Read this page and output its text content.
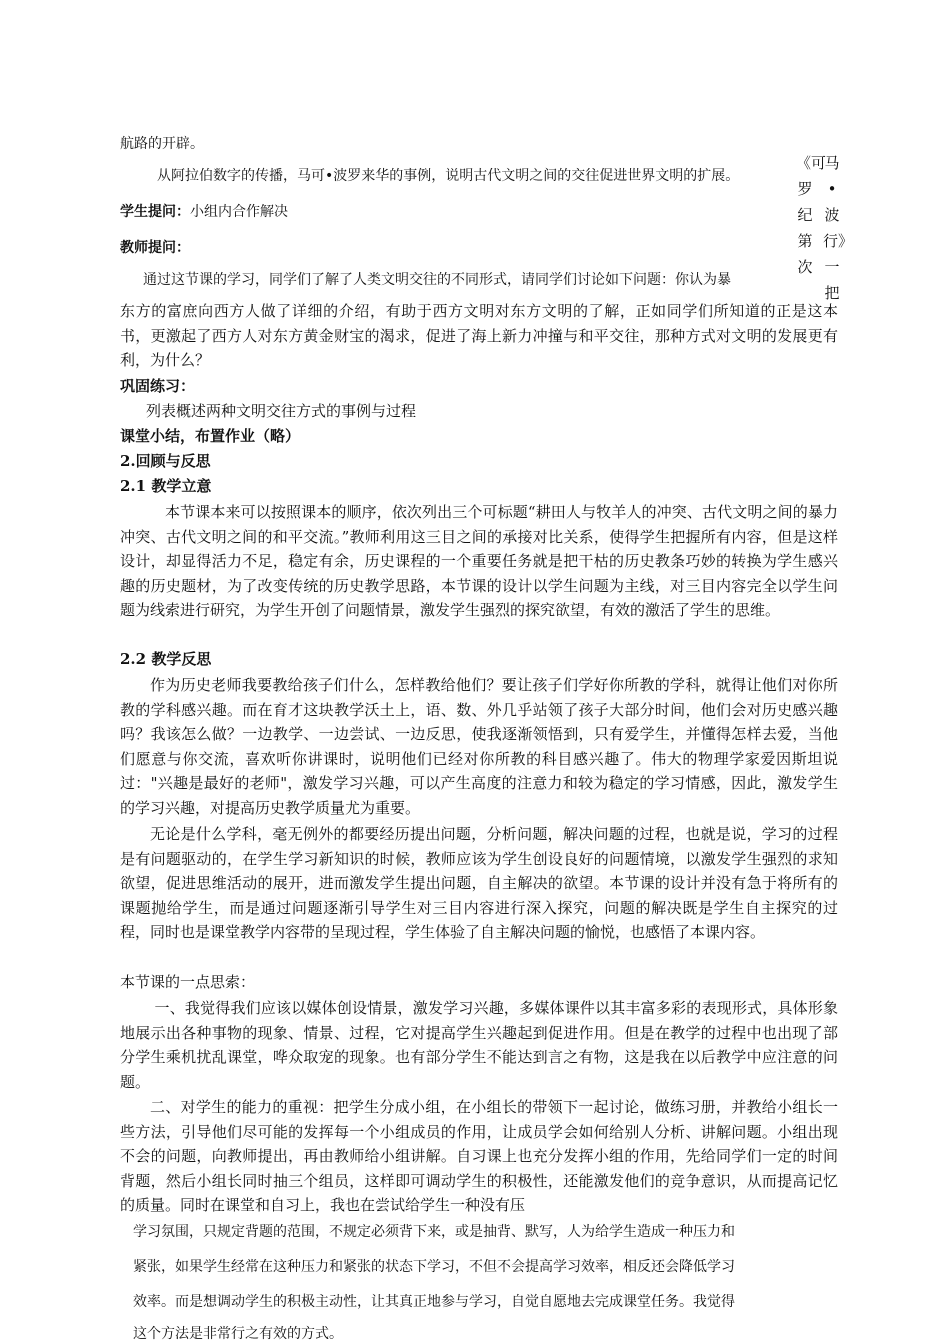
航路的开辟。

从阿拉伯数字的传播，马可•波罗来华的事例，说明古代文明之间的交往促进世界文明的扩展。

学生提问：小组内合作解决

教师提问：

通过这节课的学习，同学们了解了人类文明交往的不同形式，请同学们讨论如下问题：你认为暴

《可罗纪第次
马•波行》一把

东方的富庶向西方人做了详细的介绍，有助于西方文明对东方文明的了解，正如同学们所知道的正是这本书，更激起了西方人对东方黄金财宝的渴求，促进了海上新力冲撞与和平交往，那种方式对文明的发展更有利，为什么？

巩固练习：

列表概述两种文明交往方式的事例与过程

课堂小结，布置作业（略）

2.回顾与反思

2.1 教学立意

本节课本来可以按照课本的顺序，依次列出三个可标题“耕田人与牧羊人的冲突、古代文明之间的暴力冲突、古代文明之间的和平交流。”教师利用这三目之间的承接对比关系，使得学生把握所有内容，但是这样设计，却显得活力不足，稳定有余，历史课程的一个重要任务就是把干枯的历史教条巧妙的转换为学生感兴趣的历史题材，为了改变传统的历史教学思路，本节课的设计以学生问题为主线，对三目内容完全以学生问题为线索进行研究，为学生开创了问题情景，激发学生强烈的探究欲望，有效的激活了学生的思维。

2.2 教学反思

作为历史老师我要教给孩子们什么，怎样教给他们？要让孩子们学好你所教的学科，就得让他们对你所教的学科感兴趣。而在育才这块教学沃土上，语、数、外几乎站领了孩子大部分时间，他们会对历史感兴趣吗？我该怎么做？一边教学、一边尝试、一边反思，使我逐渐领悟到，只有爱学生，并懂得怎样去爱，当他们愿意与你交流，喜欢听你讲课时，说明他们已经对你所教的科目感兴趣了。伟大的物理学家爱因斯坦说过："兴趣是最好的老师"，激发学习兴趣，可以产生高度的注意力和较为稳定的学习情感，因此，激发学生的学习兴趣，对提高历史教学质量尤为重要。

无论是什么学科，毫无例外的都要经历提出问题，分析问题，解决问题的过程，也就是说，学习的过程是有问题驱动的，在学生学习新知识的时候，教师应该为学生创设良好的问题情境，以激发学生强烈的求知欲望，促进思维活动的展开，进而激发学生提出问题，自主解决的欲望。本节课的设计并没有急于将所有的课题抛给学生，而是通过问题逐渐引导学生对三目内容进行深入探究，问题的解决既是学生自主探究的过程，同时也是课堂教学内容带的呈现过程，学生体验了自主解决问题的愉悦，也感悟了本课内容。

本节课的一点思索：

一、我觉得我们应该以媒体创设情景，激发学习兴趣，多媒体课件以其丰富多彩的表现形式，具体形象地展示出各种事物的现象、情景、过程，它对提高学生兴趣起到促进作用。但是在教学的过程中也出现了部分学生乘机扰乱课堂，哗众取宠的现象。也有部分学生不能达到言之有物，这是我在以后教学中应注意的问题。

二、对学生的能力的重视：把学生分成小组，在小组长的带领下一起讨论，做练习册，并教给小组长一些方法，引导他们尽可能的发挥每一个小组成员的作用，让成员学会如何给别人分析、讲解问题。小组出现不会的问题，向教师提出，再由教师给小组讲解。自习课上也充分发挥小组的作用，先给同学们一定的时间背题，然后小组长同时抽三个组员，这样即可调动学生的积极性，还能激发他们的竞争意识，从而提高记忆的质量。同时在课堂和自习上，我也在尝试给学生一种没有压

学习氛围，只规定背题的范围，不规定必须背下来，或是抽背、默写，人为给学生造成一种压力和

紧张，如果学生经常在这种压力和紧张的状态下学习，不但不会提高学习效率，相反还会降低学习

效率。而是想调动学生的积极主动性，让其真正地参与学习，自觉自愿地去完成课堂任务。我觉得

这个方法是非常行之有效的方式。
